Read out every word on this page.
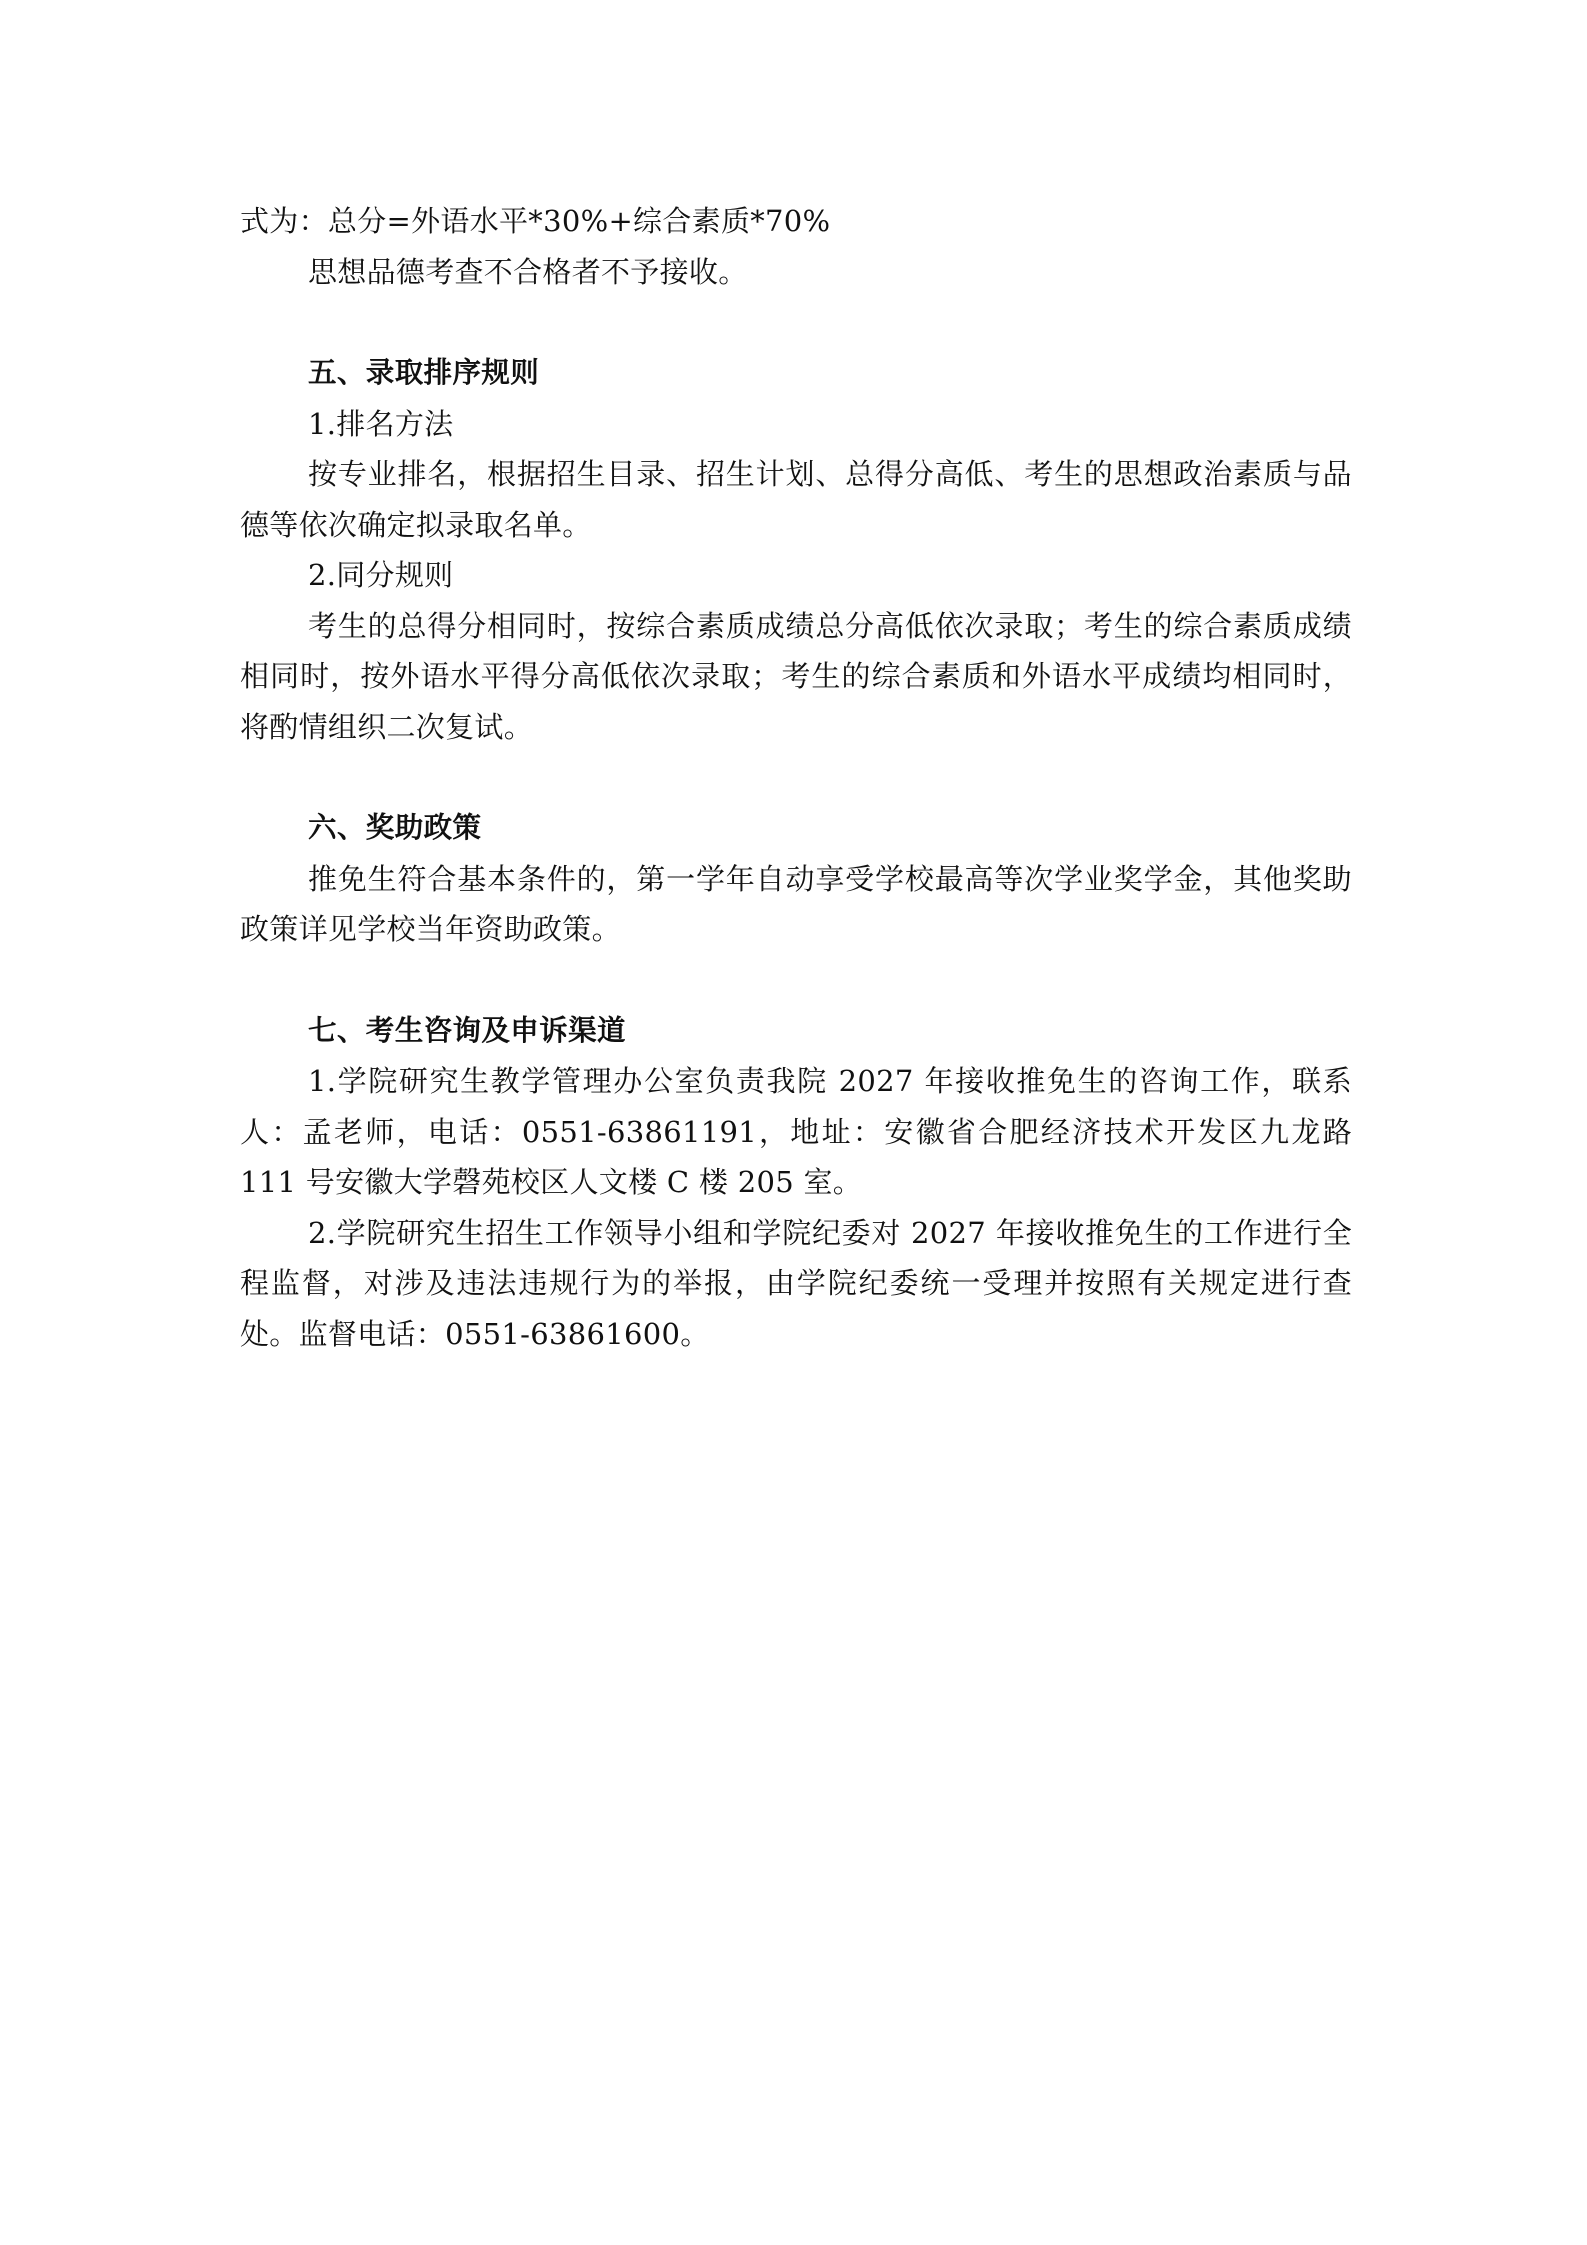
式为：总分=外语水平*30%+综合素质*70%

思想品德考查不合格者不予接收。

五、录取排序规则

1.排名方法

按专业排名，根据招生目录、招生计划、总得分高低、考生的思想政治素质与品德等依次确定拟录取名单。

2.同分规则

考生的总得分相同时，按综合素质成绩总分高低依次录取；考生的综合素质成绩相同时，按外语水平得分高低依次录取；考生的综合素质和外语水平成绩均相同时，将酌情组织二次复试。

六、奖助政策

推免生符合基本条件的，第一学年自动享受学校最高等次学业奖学金，其他奖助政策详见学校当年资助政策。

七、考生咨询及申诉渠道

1.学院研究生教学管理办公室负责我院 2027 年接收推免生的咨询工作，联系人：孟老师，电话：0551-63861191，地址：安徽省合肥经济技术开发区九龙路 111 号安徽大学磬苑校区人文楼 C 楼 205 室。

2.学院研究生招生工作领导小组和学院纪委对 2027 年接收推免生的工作进行全程监督，对涉及违法违规行为的举报，由学院纪委统一受理并按照有关规定进行查处。监督电话：0551-63861600。
